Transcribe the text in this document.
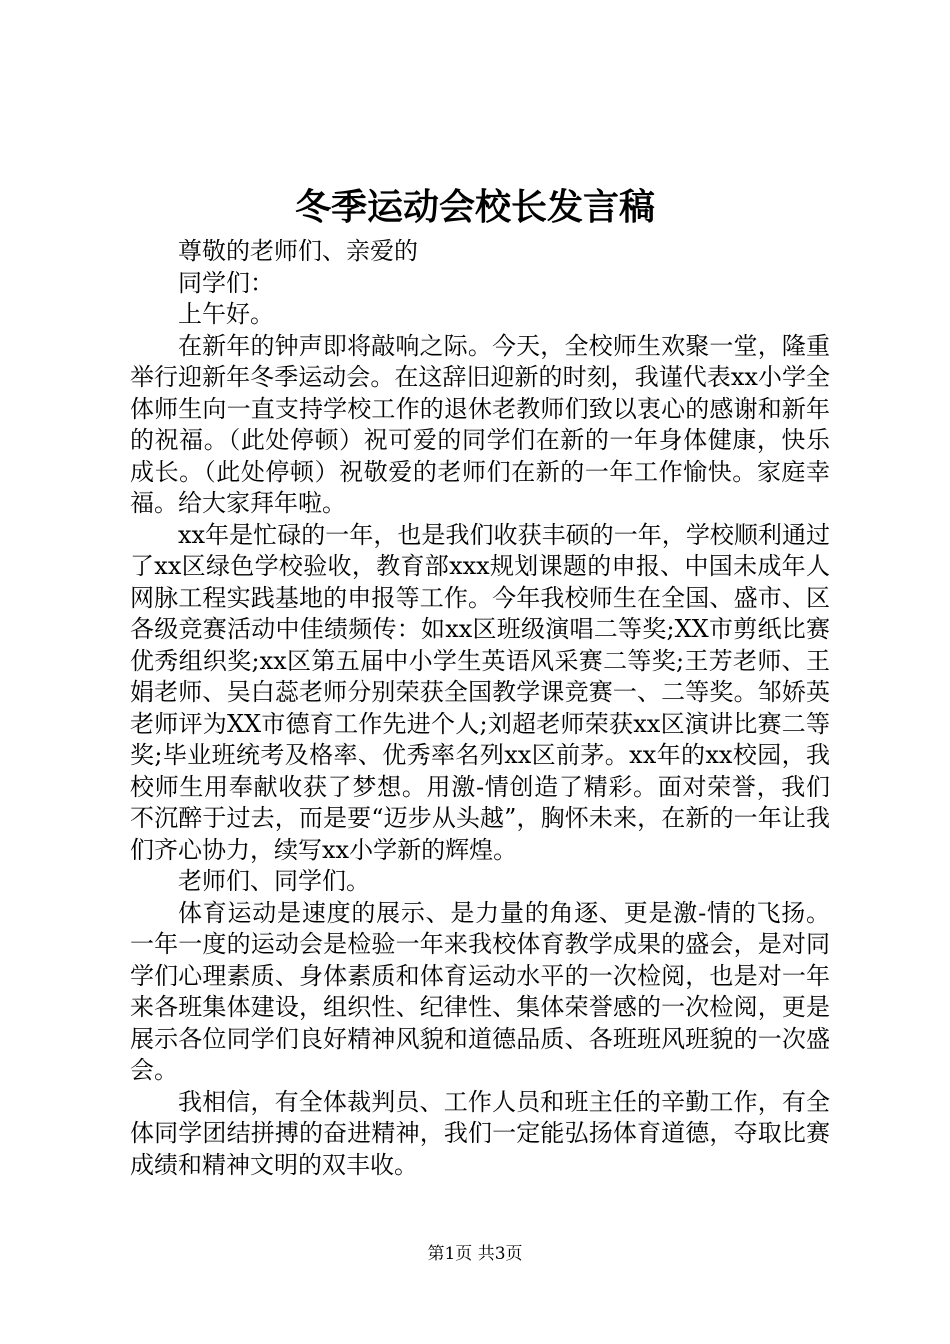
冬季运动会校长发言稿

尊敬的老师们、亲爱的

同学们：

上午好。

在新年的钟声即将敲响之际。今天，全校师生欢聚一堂，隆重举行迎新年冬季运动会。在这辞旧迎新的时刻，我谨代表xx小学全体师生向一直支持学校工作的退休老教师们致以衷心的感谢和新年的祝福。（此处停顿）祝可爱的同学们在新的一年身体健康，快乐成长。（此处停顿）祝敬爱的老师们在新的一年工作愉快。家庭幸福。给大家拜年啦。

xx年是忙碌的一年，也是我们收获丰硕的一年，学校顺利通过了xx区绿色学校验收，教育部xxx规划课题的申报、中国未成年人网脉工程实践基地的申报等工作。今年我校师生在全国、盛市、区各级竞赛活动中佳绩频传：如xx区班级演唱二等奖;XX市剪纸比赛优秀组织奖;xx区第五届中小学生英语风采赛二等奖;王芳老师、王娟老师、吴白蕊老师分别荣获全国教学课竞赛一、二等奖。邹娇英老师评为XX市德育工作先进个人;刘超老师荣获xx区演讲比赛二等奖;毕业班统考及格率、优秀率名列xx区前茅。xx年的xx校园，我校师生用奉献收获了梦想。用激-情创造了精彩。面对荣誉，我们不沉醉于过去，而是要“迈步从头越”，胸怀未来，在新的一年让我们齐心协力，续写xx小学新的辉煌。

老师们、同学们。

体育运动是速度的展示、是力量的角逐、更是激-情的飞扬。一年一度的运动会是检验一年来我校体育教学成果的盛会，是对同学们心理素质、身体素质和体育运动水平的一次检阅，也是对一年来各班集体建设，组织性、纪律性、集体荣誉感的一次检阅，更是展示各位同学们良好精神风貌和道德品质、各班班风班貌的一次盛会。

我相信，有全体裁判员、工作人员和班主任的辛勤工作，有全体同学团结拼搏的奋进精神，我们一定能弘扬体育道德，夺取比赛成绩和精神文明的双丰收。

第1页 共3页
